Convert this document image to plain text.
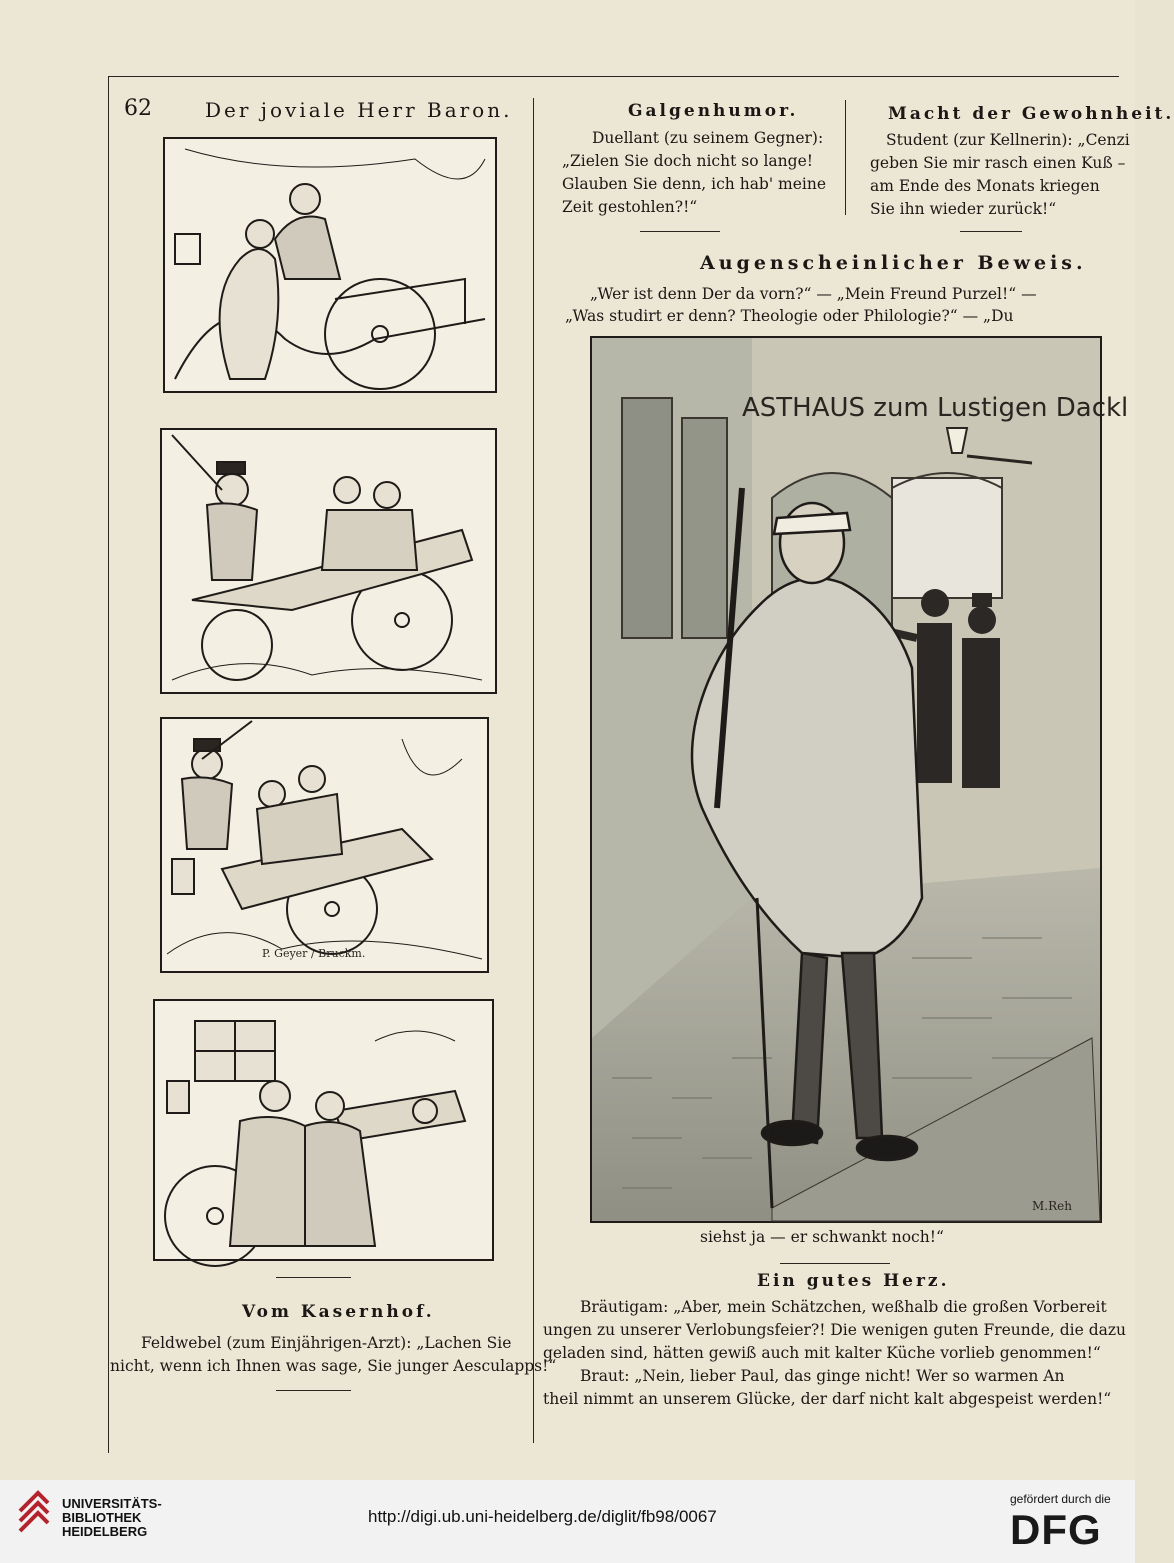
62	Der joviale Herr Baron.	Galgenhumor.
Duellant (zu seinem Gegner):
„Zielen Sie doch nicht so lange!
Glauben Sie denn, ich hab' meine
Zeit gestohlen?!“
Macht der Gewohnheit.
Student (zur Kellnerin): „Cenzi
geben Sie mir rasch einen Kuß –
am Ende des Monats kriegen
Sie ihn wieder zurück!“
Augenscheinlicher Beweis.
„Wer ist denn Der da vorn?“ — „Mein Freund Purzel!“ —
„Was studirt er denn? Theologie oder Philologie?“ — „Du
ASTHAUS zum Lustigen Dackl
M.Reh
siehst ja — er schwankt noch!“
Ein gutes Herz.
Bräutigam: „Aber, mein Schätzchen, weßhalb die großen Vorbereit
ungen zu unserer Verlobungsfeier?! Die wenigen guten Freunde, die dazu
geladen sind, hätten gewiß auch mit kalter Küche vorlieb genommen!“
Braut: „Nein, lieber Paul, das ginge nicht! Wer so warmen An
theil nimmt an unserem Glücke, der darf nicht kalt abgespeist werden!“
P. Geyer / Bruckm.
Vom Kasernhof.
Feldwebel (zum Einjährigen-Arzt): „Lachen Sie
nicht, wenn ich Ihnen was sage, Sie junger Aesculapps!“
UNIVERSITÄTS-
BIBLIOTHEK
HEIDELBERG
http://digi.ub.uni-heidelberg.de/diglit/fb98/0067
gefördert durch die
DFG
